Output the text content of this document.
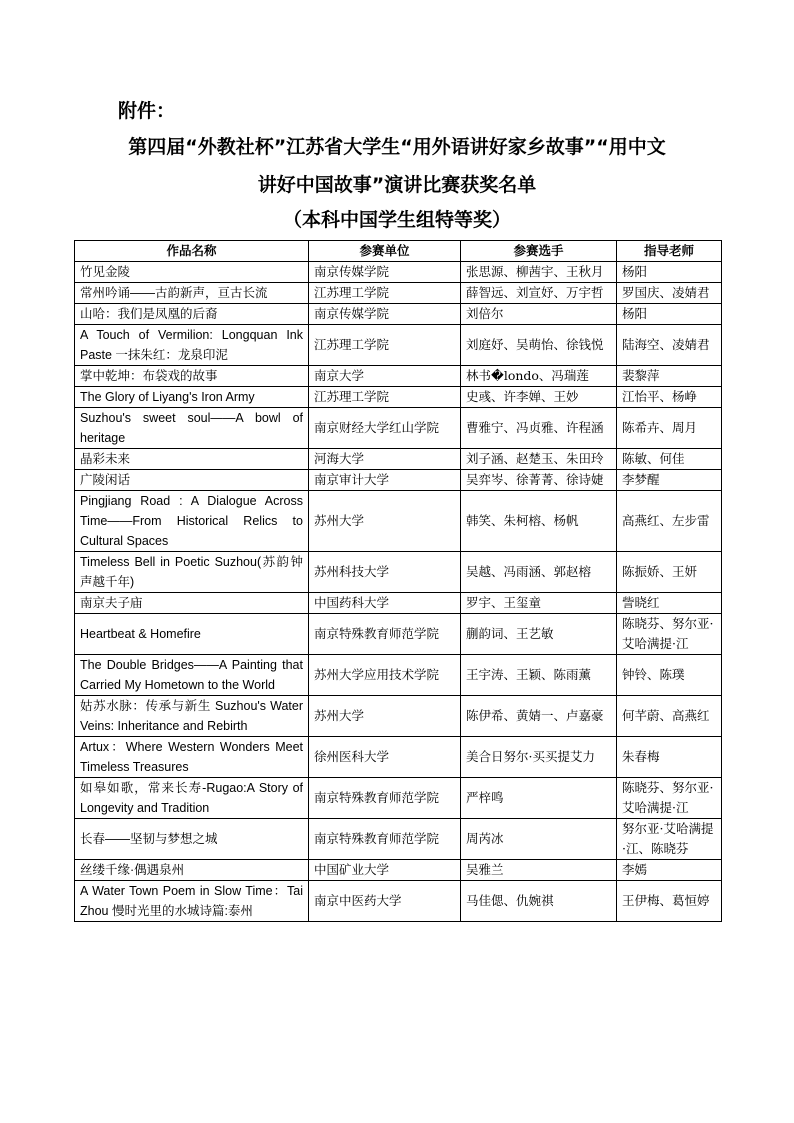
附件：
第四届“外教社杯”江苏省大学生“用外语讲好家乡故事”“用中文
讲好中国故事”演讲比赛获奖名单
（本科中国学生组特等奖）
作品名称	参赛单位	参赛选手	指导老师
竹见金陵	南京传媒学院	张思源、柳茜宇、王秋月	杨阳
常州吟诵——古韵新声，亘古长流	江苏理工学院	薛智远、刘宣妤、万宇哲	罗国庆、凌婧君
山哈：我们是凤凰的后裔	南京传媒学院	刘倍尔	杨阳
A Touch of Vermilion: Longquan Ink Paste 一抹朱红：龙泉印泥	江苏理工学院	刘庭妤、吴萌怡、徐钱悦	陆海空、凌婧君
掌中乾坤：布袋戏的故事	南京大学	林书�londo、冯瑞莲	裴黎萍
The Glory of Liyang's Iron Army	江苏理工学院	史彧、许李婵、王妙	江怡平、杨峥
Suzhou's sweet soul——A bowl of heritage	南京财经大学红山学院	曹雅宁、冯贞雅、许程涵	陈希卉、周月
晶彩未来	河海大学	刘子涵、赵楚玉、朱田玲	陈敏、何佳
广陵闲话	南京审计大学	吴弈岑、徐菁菁、徐诗婕	李梦醒
Pingjiang Road : A Dialogue Across Time——From Historical Relics to Cultural Spaces	苏州大学	韩笑、朱柯榕、杨帆	高燕红、左步雷
Timeless Bell in Poetic Suzhou(苏韵钟声越千年)	苏州科技大学	吴越、冯雨涵、郭赵榕	陈振娇、王妍
南京夫子庙	中国药科大学	罗宇、王玺童	訾晓红
Heartbeat & Homefire	南京特殊教育师范学院	蒯韵词、王艺敏	陈晓芬、努尔亚·艾哈满提·江
The Double Bridges——A Painting that Carried My Hometown to the World	苏州大学应用技术学院	王宇涛、王颖、陈雨薰	钟铃、陈璞
姑苏水脉：传承与新生 Suzhou's Water Veins: Inheritance and Rebirth	苏州大学	陈伊希、黄婧一、卢嘉豪	何芊蔚、高燕红
Artux：Where Western Wonders Meet Timeless Treasures	徐州医科大学	美合日努尔·买买提艾力	朱春梅
如皋如歌，常来长寿-Rugao:A Story of Longevity and Tradition	南京特殊教育师范学院	严梓鸣	陈晓芬、努尔亚·艾哈满提·江
长春——坚韧与梦想之城	南京特殊教育师范学院	周芮冰	努尔亚·艾哈满提·江、陈晓芬
丝缕千缘·偶遇泉州	中国矿业大学	吴雅兰	李嫣
A Water Town Poem in Slow Time：Tai Zhou 慢时光里的水城诗篇:泰州	南京中医药大学	马佳偲、仇婉祺	王伊梅、葛恒婷
